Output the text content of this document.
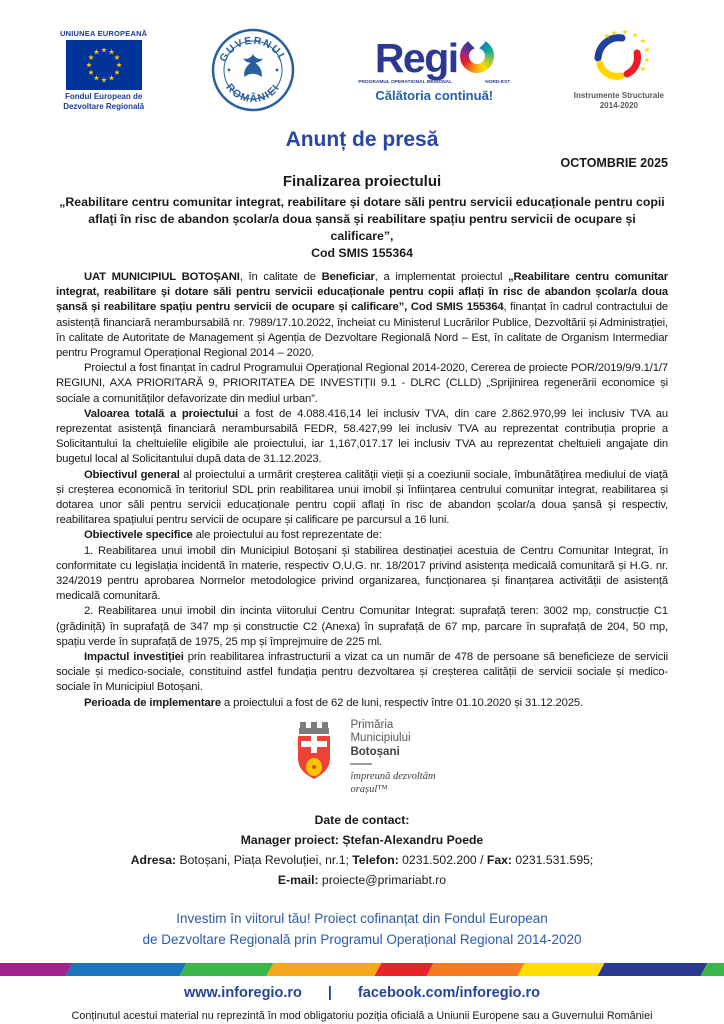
UNIUNEA EUROPEANĂ
Fondul European de
Dezvoltare Regională
GUVERNUL
ROMÂNIEI
Regi
PROGRAMUL OPERATIONAL REGIONAL	NORD-EST
Călătoria continuă!	Instrumente Structurale
2014-2020
Anunț de presă
OCTOMBRIE 2025
Finalizarea proiectului
„Reabilitare centru comunitar integrat, reabilitare și dotare săli pentru servicii educaționale pentru copii aflați în risc de abandon școlar/a doua șansă și reabilitare spațiu pentru servicii de ocupare și calificare”,
Cod SMIS 155364

UAT MUNICIPIUL BOTOȘANI, în calitate de Beneficiar, a implementat proiectul „Reabilitare centru comunitar integrat, reabilitare și dotare săli pentru servicii educaționale pentru copii aflați în risc de abandon școlar/a doua șansă și reabilitare spațiu pentru servicii de ocupare și calificare”, Cod SMIS 155364, finanțat în cadrul contractului de asistență financiară nerambursabilă nr. 7989/17.10.2022, încheiat cu Ministerul Lucrărilor Publice, Dezvoltării și Administrației, în calitate de Autoritate de Management și Agenția de Dezvoltare Regională Nord – Est, în calitate de Organism Intermediar pentru Programul Operațional Regional 2014 – 2020.

Proiectul a fost finanțat în cadrul Programului Operațional Regional 2014-2020, Cererea de proiecte POR/2019/9/9.1/1/7 REGIUNI, AXA PRIORITARĂ 9, PRIORITATEA DE INVESTIȚII 9.1 - DLRC (CLLD) „Sprijinirea regenerării economice și sociale a comunităților defavorizate din mediul urban”.

Valoarea totală a proiectului a fost de 4.088.416,14 lei inclusiv TVA, din care 2.862.970,99 lei inclusiv TVA au reprezentat asistență financiară nerambursabilă FEDR, 58.427,99 lei inclusiv TVA au reprezentat contribuția proprie a Solicitantului la cheltuielile eligibile ale proiectului, iar 1,167,017.17 lei inclusiv TVA au reprezentat cheltuieli angajate din bugetul local al Solicitantului după data de 31.12.2023.

Obiectivul general al proiectului a urmărit creșterea calității vieții și a coeziunii sociale, îmbunătățirea mediului de viață și creșterea economică în teritoriul SDL prin reabilitarea unui imobil și înființarea centrului comunitar integrat, reabilitarea și dotarea unor săli pentru servicii educaționale pentru copii aflați în risc de abandon școlar/a doua șansă și respectiv, reabilitarea spațiului pentru servicii de ocupare și calificare pe parcursul a 16 luni.

Obiectivele specifice ale proiectului au fost reprezentate de:

1. Reabilitarea unui imobil din Municipiul Botoșani și stabilirea destinației acestuia de Centru Comunitar Integrat, în conformitate cu legislația incidentă în materie, respectiv O.U.G. nr. 18/2017 privind asistența medicală comunitară și H.G. nr. 324/2019 pentru aprobarea Normelor metodologice privind organizarea, funcționarea și finanțarea activității de asistență medicală comunitară.

2. Reabilitarea unui imobil din incinta viitorului Centru Comunitar Integrat: suprafață teren: 3002 mp, construcție C1 (grădiniță) în suprafață de 347 mp și constructie C2 (Anexa) în suprafață de 67 mp, parcare în suprafață de 204, 50 mp, spațiu verde în suprafață de 1975, 25 mp și împrejmuire de 225 ml.

Impactul investiției prin reabilitarea infrastructurii a vizat ca un număr de 478 de persoane să beneficieze de servicii sociale și medico-sociale, constituind astfel fundația pentru dezvoltarea și creșterea calității de servicii sociale și medico-sociale în Municipiul Botoșani.

Perioada de implementare a proiectului a fost de 62 de luni, respectiv între 01.10.2020 și 31.12.2025.

Primăria
Municipiului
Botoșani
împreună dezvoltăm
orașul™
Date de contact:
Manager proiect: Ștefan-Alexandru Poede
Adresa: Botoșani, Piața Revoluției, nr.1; Telefon: 0231.502.200 / Fax: 0231.531.595;
E-mail: proiecte@primariabt.ro
Investim în viitorul tău! Proiect cofinanțat din Fondul European
de Dezvoltare Regională prin Programul Operațional Regional 2014-2020
www.inforegio.ro | facebook.com/inforegio.ro
Conținutul acestui material nu reprezintă în mod obligatoriu poziția oficială a Uniunii Europene sau a Guvernului României
